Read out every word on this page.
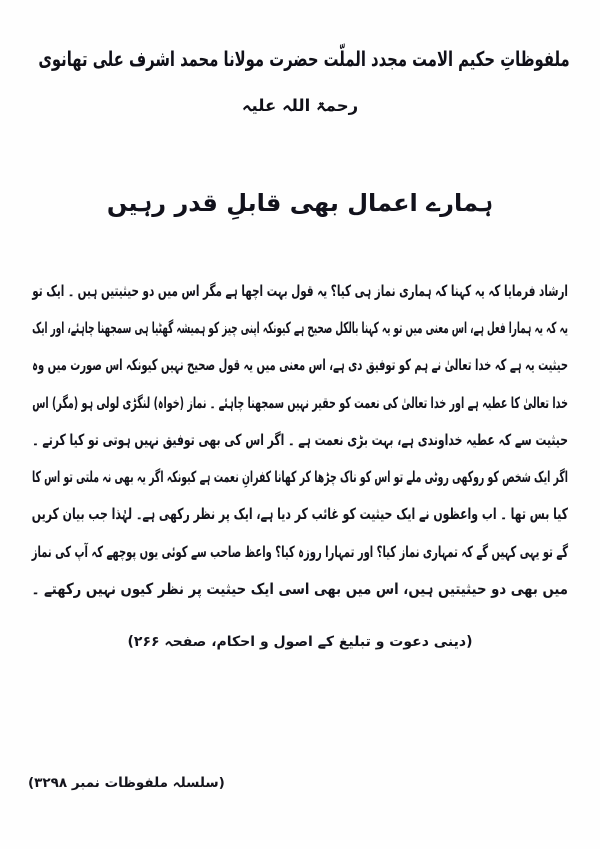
ملفوظاتِ حکیم الامت مجدد الملّت حضرت مولانا محمد اشرف علی تھانوی
رحمۃ اللہ علیہ
ہمارے اعمال بھی قابلِ قدر رہیں
ارشاد فرمایا کہ یہ کہنا کہ ہماری نماز ہی کیا؟ یہ قول بہت اچھا ہے مگر اس میں دو حیثیتیں ہیں ۔ ایک تو
یہ کہ یہ ہمارا فعل ہے، اس معنی میں تو یہ کہنا بالکل صحیح ہے کیونکہ اپنی چیز کو ہمیشہ گھٹیا ہی سمجھنا چاہئے، اور ایک
حیثیت یہ ہے کہ خدا تعالیٰ نے ہم کو توفیق دی ہے، اس معنی میں یہ قول صحیح نہیں کیونکہ اس صورت میں وہ
خدا تعالیٰ کا عطیہ ہے اور خدا تعالیٰ کی نعمت کو حقیر نہیں سمجھنا چاہئے ۔ نماز (خواہ) لنگڑی لولی ہو (مگر) اس
حیثیت سے کہ عطیہ خداوندی ہے، بہت بڑی نعمت ہے ۔ اگر اس کی بھی توفیق نہیں ہوتی تو کیا کرتے ۔
اگر ایک شخص کو روکھی روٹی ملے تو اس کو ناک چڑھا کر کھانا کفرانِ نعمت ہے کیونکہ اگر یہ بھی نہ ملتی تو اس کا
کیا بس تھا ۔ اب واعظوں نے ایک حیثیت کو غائب کر دیا ہے، ایک پر نظر رکھی ہے۔ لہٰذا جب بیان کریں
گے تو یہی کہیں گے کہ تمہاری نماز کیا؟ اور تمہارا روزہ کیا؟ واعظ صاحب سے کوئی یوں پوچھے کہ آپ کی نماز
میں بھی دو حیثیتیں ہیں، اس میں بھی اسی ایک حیثیت پر نظر کیوں نہیں رکھتے ۔
(دینی دعوت و تبلیغ کے اصول و احکام، صفحہ ۲۶۶)
(سلسلہ ملفوظات نمبر ۳۲۹۸)
